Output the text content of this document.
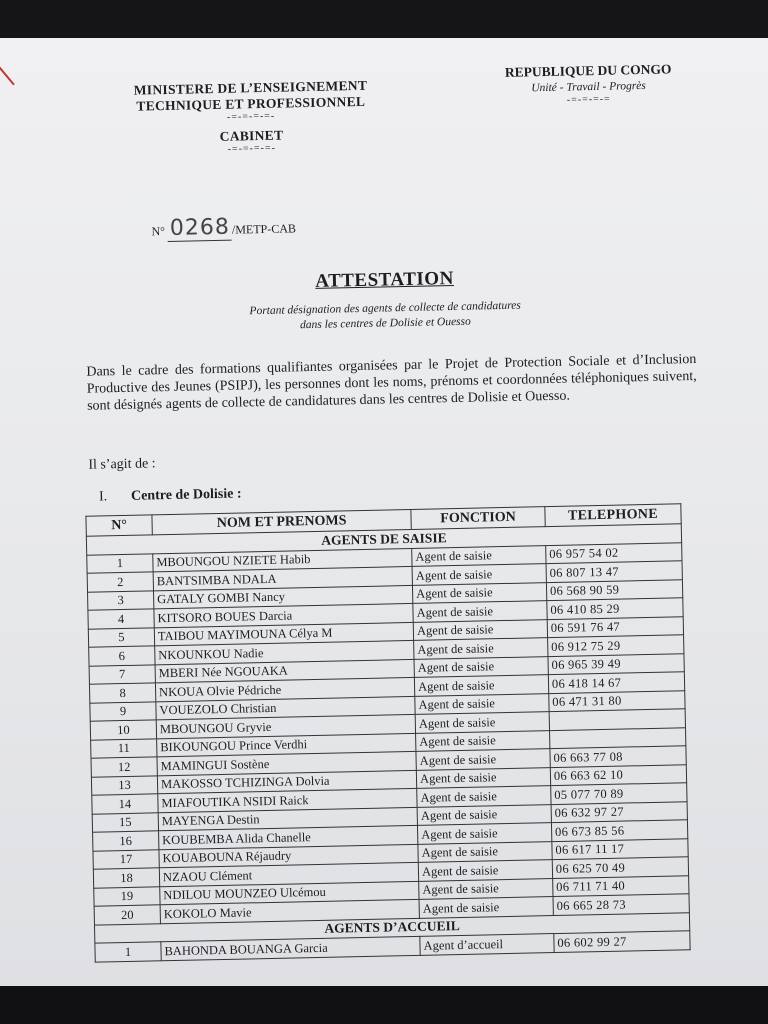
MINISTERE DE L’ENSEIGNEMENT
TECHNIQUE ET PROFESSIONNEL
-=-=-=-=-
CABINET
-=-=-=-=-
REPUBLIQUE DU CONGO
Unité - Travail - Progrès
-=-=-=-=
N° 0268 /METP-CAB
ATTESTATION
Portant désignation des agents de collecte de candidatures
dans les centres de Dolisie et Ouesso
Dans le cadre des formations qualifiantes organisées par le Projet de Protection Sociale et d’Inclusion Productive des Jeunes (PSIPJ), les personnes dont les noms, prénoms et coordonnées téléphoniques suivent, sont désignés agents de collecte de candidatures dans les centres de Dolisie et Ouesso.
Il s’agit de :
I. Centre de Dolisie :
N°	NOM ET PRENOMS	FONCTION	TELEPHONE
AGENTS DE SAISIE			
1	MBOUNGOU NZIETE Habib	Agent de saisie	06 957 54 02
2	BANTSIMBA NDALA	Agent de saisie	06 807 13 47
3	GATALY GOMBI Nancy	Agent de saisie	06 568 90 59
4	KITSORO BOUES Darcia	Agent de saisie	06 410 85 29
5	TAIBOU MAYIMOUNA Célya M	Agent de saisie	06 591 76 47
6	NKOUNKOU Nadie	Agent de saisie	06 912 75 29
7	MBERI Née NGOUAKA	Agent de saisie	06 965 39 49
8	NKOUA Olvie Pédriche	Agent de saisie	06 418 14 67
9	VOUEZOLO Christian	Agent de saisie	06 471 31 80
10	MBOUNGOU Gryvie	Agent de saisie	
11	BIKOUNGOU Prince Verdhi	Agent de saisie	
12	MAMINGUI Sostène	Agent de saisie	06 663 77 08
13	MAKOSSO TCHIZINGA Dolvia	Agent de saisie	06 663 62 10
14	MIAFOUTIKA NSIDI Raick	Agent de saisie	05 077 70 89
15	MAYENGA Destin	Agent de saisie	06 632 97 27
16	KOUBEMBA Alida Chanelle	Agent de saisie	06 673 85 56
17	KOUABOUNA Réjaudry	Agent de saisie	06 617 11 17
18	NZAOU Clément	Agent de saisie	06 625 70 49
19	NDILOU MOUNZEO Ulcémou	Agent de saisie	06 711 71 40
20	KOKOLO Mavie	Agent de saisie	06 665 28 73
AGENTS D’ACCUEIL			
1	BAHONDA BOUANGA Garcia	Agent d’accueil	06 602 99 27
